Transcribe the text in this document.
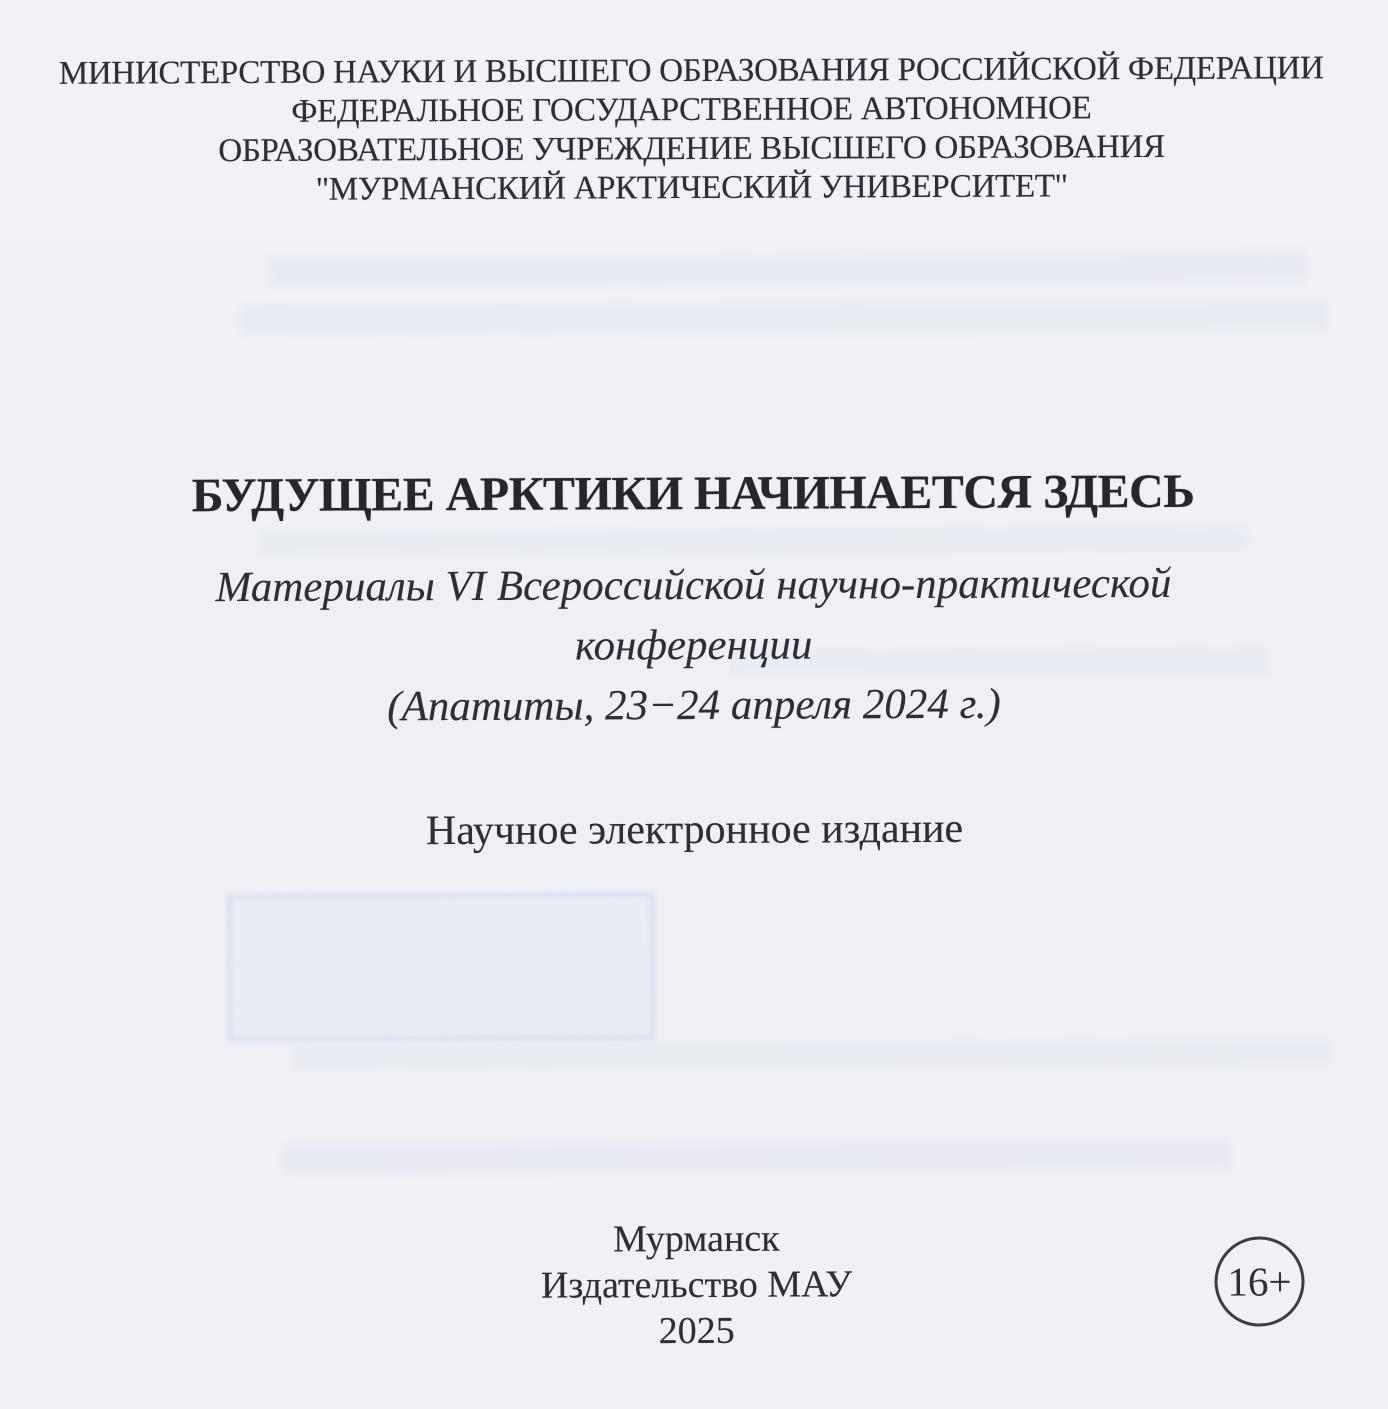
МИНИСТЕРСТВО НАУКИ И ВЫСШЕГО ОБРАЗОВАНИЯ РОССИЙСКОЙ ФЕДЕРАЦИИ
ФЕДЕРАЛЬНОЕ ГОСУДАРСТВЕННОЕ АВТОНОМНОЕ
ОБРАЗОВАТЕЛЬНОЕ УЧРЕЖДЕНИЕ ВЫСШЕГО ОБРАЗОВАНИЯ
"МУРМАНСКИЙ АРКТИЧЕСКИЙ УНИВЕРСИТЕТ"
БУДУЩЕЕ АРКТИКИ НАЧИНАЕТСЯ ЗДЕСЬ
Материалы VI Всероссийской научно-практической
конференции
(Апатиты, 23−24 апреля 2024 г.)
Научное электронное издание
Мурманск
Издательство МАУ
2025
16+
